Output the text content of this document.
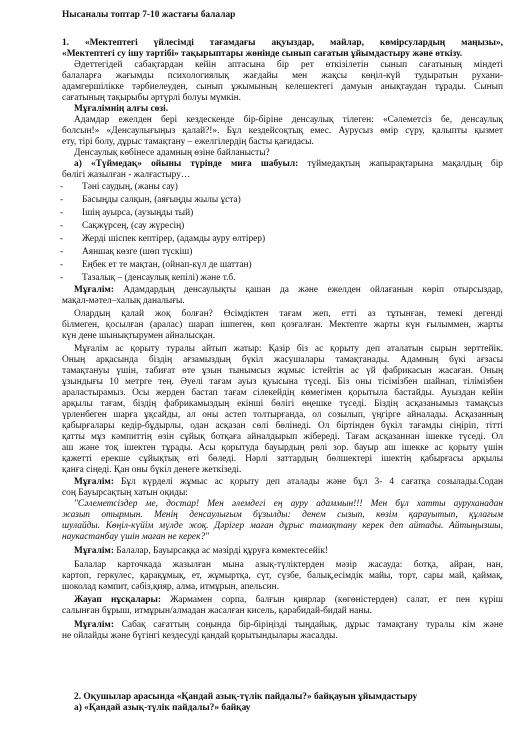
Нысаналы топтар 7-10 жастағы балалар
1. «Мектептегі үйлесімді тағамдағы ақуыздар, майлар, көмірсулардың маңызы»,
«Мектептегі су ішу тәртібі» тақырыптары жөнінде сынып сағатын ұйымдастыру және өткізу.
Әдеттегідей сабақтардан кейін аптасына бір рет өткізілетін сынып сағатының міндеті
балаларға жағымды психологиялық жағдайы мен жақсы көңіл-күй тудыратын рухани-
адамгершілікке тәрбиелеуден, сынып ұжымының келешектегі дамуын анықтаудан тұрады. Сынып
сағатының тақырыбы әртүрлі болуы мүмкін.
Мұғалімнің алғы сөзі.
Адамдар ежелден бері кездескенде бір-біріне денсаулық тілеген: «Сәлеметсіз бе, денсаулық
болсын!» «Денсаулығыңыз қалай?!». Бұл кездейсоқтық емес. Аурусыз өмір сүру, қалыпты қызмет
ету, тірі болу, дұрыс тамақтану – ежелгілердің басты қағидасы.
Денсаулық көбінесе адамның өзіне байланысты?
а) «Түймедақ» ойыны түрінде миға шабуыл: түймедақтың жапырақтарына мақалдың бір
бөлігі жазылған - жалғастыру…
- Тәні саудың, (жаны сау)
- Басыңды салқын, (аяғыңды жылы ұста)
- Ішің ауырса, (аузыңды тый)
- Сақжүрсең, (сау жүресің)
- Жерді шіспек кептірер, (адамды ауру өлтірер)
- Аяншақ көзге (шөп түскіш)
- Еңбек ет те мақтан, (ойнап-күл де шаттан)
- Тазалық – (денсаулық кепілі) және т.б.
Мұғалім: Адамдардың денсаулықты қашан да және ежелден ойлағанын көріп отырсыздар,
мақал-мәтел–халық даналығы.
Олардың қалай жоқ болған? Өсімдіктен тағам жеп, етті аз тұтынған, темекі дегенді
білмеген, қосылған (аралас) шарап ішпеген, көп қозғалған. Мектепте жарты күн ғылыммен, жарты
күн дене шынықтырумен айналысқан.
Мұғалім ас қорыту туралы айтып жатыр: Қазір біз ас қорыту деп аталатын сырын зерттейік.
Оның арқасында біздің ағзамыздың бүкіл жасушалары тамақтанады. Адамның бүкі ағзасы
тамақтануы үшін, табиғат өте ұзын тынымсыз жұмыс істейтін ас үй фабрикасын жасаған. Оның
ұзындығы 10 метрге тең. Әуелі тағам ауыз қуысына түседі. Біз оны тісімізбен шайнап, тілімізбен
араластырамыз. Осы жерден бастап тағам сілекейдің көмегімен қорытыла бастайды. Ауыздан кейін
арқылы тағам, біздің фабрикамыздың екінші бөлігі өңешке түседі. Біздің асқазанымыз тамақсыз
үрленбеген шарға ұқсайды, ал оны астеп толтырғанда, ол созылып, үңгірге айналады. Асқазанның
қабырғалары кедір-бұдырлы, одан асқазан сөлі бөлінеді. Ол біртінден бүкіл тағамды сіңіріп, тітті
қатты мұз кәмпиттің өзін сұйық ботқаға айналдырып жібереді. Тағам асқазаннан ішекке түседі. Ол
аш және тоқ ішектен тұрады. Асы қорытуда бауырдың рөлі зор. бауыр аш ішекке ас қорыту үшін
қажетті ерекше сұйықтық өті бөледі. Нәрлі заттардың бөлшектері ішектің қабырғасы арқылы
қанға сіңеді. Қан оны бүкіл денеге жеткізеді.
Мұғалім: Бұл күрделі жұмыс ас қорыту деп аталады және бұл 3- 4 сағатқа созылады.Содан
соң Бауырсақтың хатын оқиды:
"Сәлеметсіздер ме, достар! Мен әлемдегі ең ауру адаммын!!! Мен бұл хатты ауруханадан
жазып отырмын. Менің денсаулығым бұзылды: денем сызып, көзім қарауытып, құлағым
шулайды. Көңіл-күйім мүлде жоқ. Дәрігер маған дұрыс тамақтану керек деп айтады. Айтыңызшы,
наукастанбау үшін маған не керек?"
Мұғалім: Балалар, Бауырсаққа ас мәзірді құруға көмектесейік!
Балалар карточкада жазылған мына азық-түліктерден мәзір жасауда: ботқа, айран, нан,
картоп, геркулес, қарақұмық, ет, жұмыртқа, сүт, сүзбе, балық,есімдік майы, торт, сары май, қаймақ,
шоколад кәмпит, сәбіз,қияр, алма, итмұрын, апельсин.
Жауап нұсқалары: Жармамен сорпа, балғын қиярлар (көгөністерден) салат, ет пен күріш
салынған бұрыш, итмұрын/алмадан жасалған кисель, қарабидай-бидай наны.
Мұғалім: Сабақ сағаттың соңында бір-біріңізді тыңдайық, дұрыс тамақтану туралы кім және
не ойлайды және бүгінгі кездесуді қандай қорытындылары жасалды.
2. Оқушылар арасында «Қандай азық-түлік пайдалы?» байқауын ұйымдастыру
а) «Қандай азық-түлік пайдалы?» байқау
